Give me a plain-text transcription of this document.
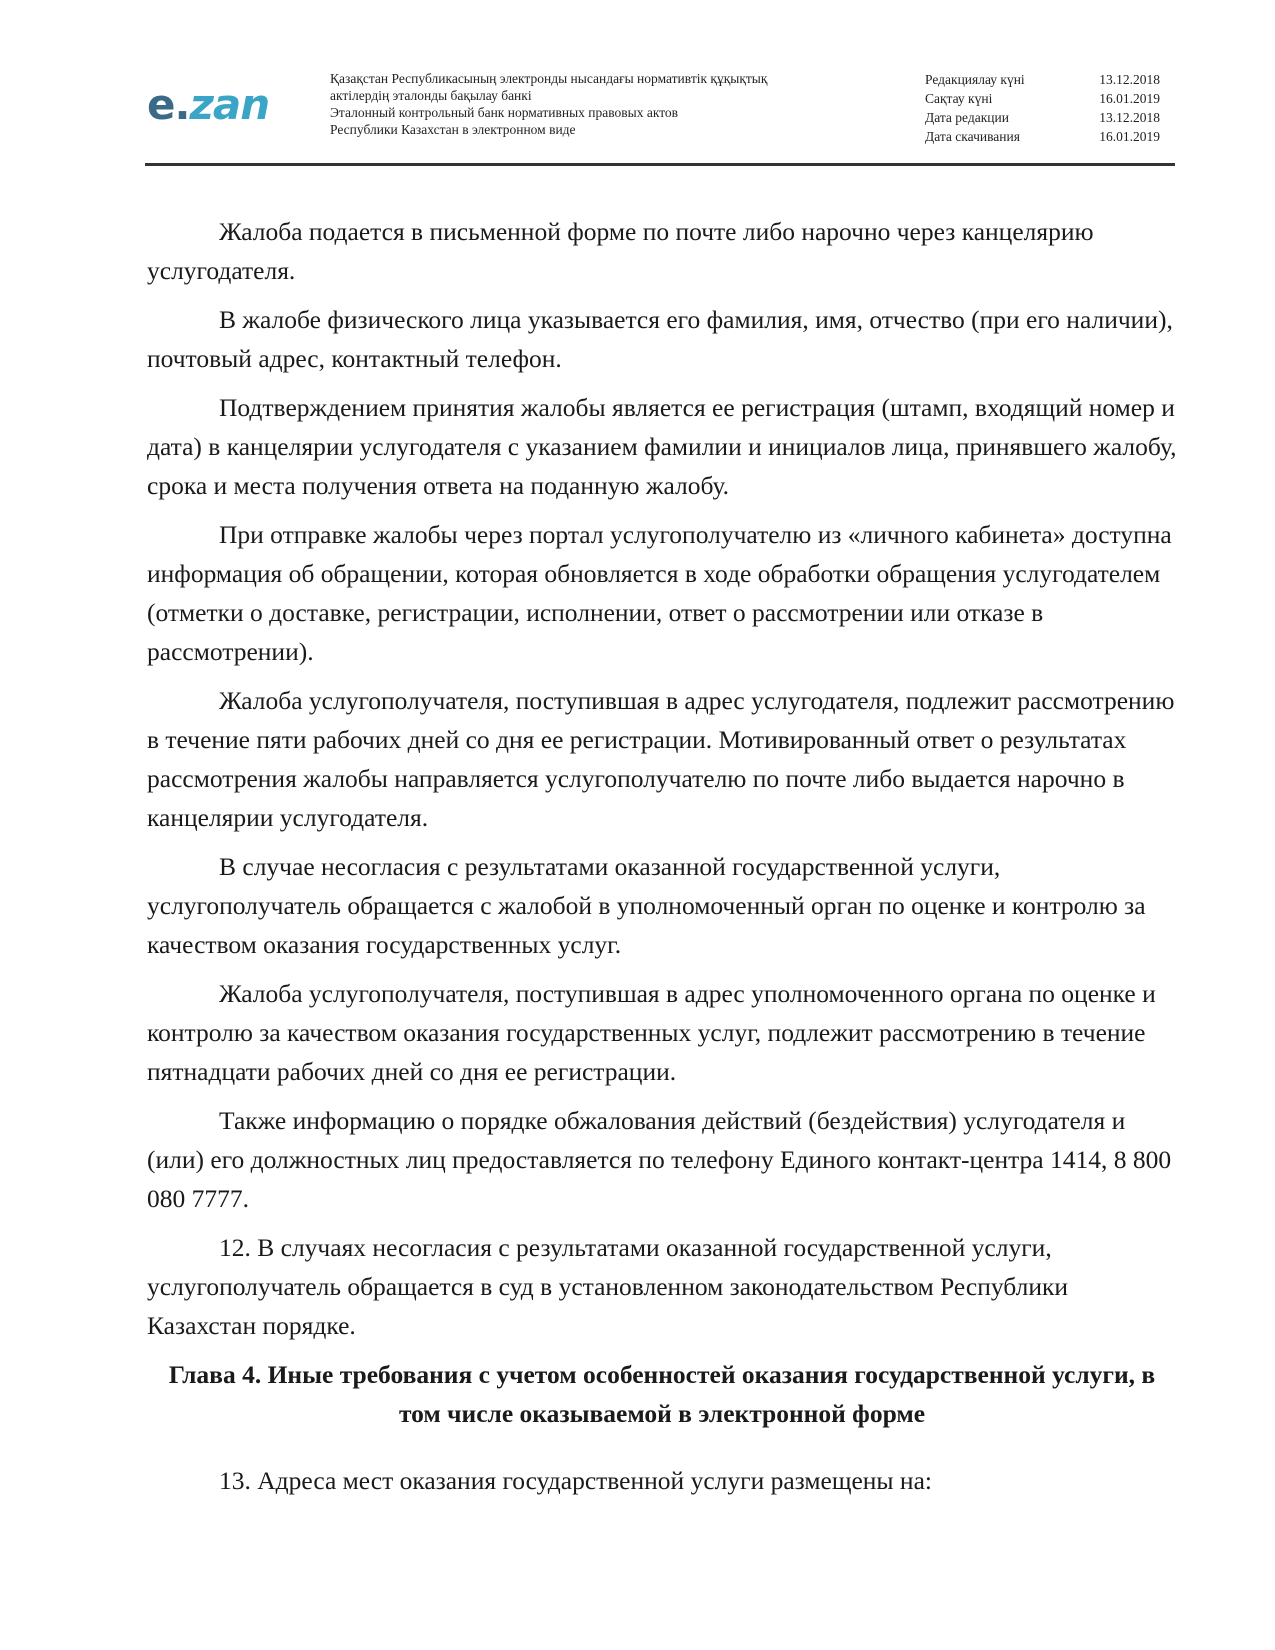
e.zan
Қазақстан Республикасының электронды нысандағы нормативтік құқықтық
актілердің эталонды бақылау банкі
Эталонный контрольный банк нормативных правовых актов
Республики Казахстан в электронном виде
Редакциялау күні	13.12.2018
Сақтау күні	16.01.2019
Дата редакции	13.12.2018
Дата скачивания	16.01.2019

Жалоба подается в письменной форме по почте либо нарочно через канцелярию услугодателя.

В жалобе физического лица указывается его фамилия, имя, отчество (при его наличии), почтовый адрес, контактный телефон.

Подтверждением принятия жалобы является ее регистрация (штамп, входящий номер и дата) в канцелярии услугодателя с указанием фамилии и инициалов лица, принявшего жалобу, срока и места получения ответа на поданную жалобу.

При отправке жалобы через портал услугополучателю из «личного кабинета» доступна информация об обращении, которая обновляется в ходе обработки обращения услугодателем (отметки о доставке, регистрации, исполнении, ответ о рассмотрении или отказе в рассмотрении).

Жалоба услугополучателя, поступившая в адрес услугодателя, подлежит рассмотрению в течение пяти рабочих дней со дня ее регистрации. Мотивированный ответ о результатах рассмотрения жалобы направляется услугополучателю по почте либо выдается нарочно в канцелярии услугодателя.

В случае несогласия с результатами оказанной государственной услуги, услугополучатель обращается с жалобой в уполномоченный орган по оценке и контролю за качеством оказания государственных услуг.

Жалоба услугополучателя, поступившая в адрес уполномоченного органа по оценке и контролю за качеством оказания государственных услуг, подлежит рассмотрению в течение пятнадцати рабочих дней со дня ее регистрации.

Также информацию о порядке обжалования действий (бездействия) услугодателя и (или) его должностных лиц предоставляется по телефону Единого контакт-центра 1414, 8 800 080 7777.

12. В случаях несогласия с результатами оказанной государственной услуги, услугополучатель обращается в суд в установленном законодательством Республики Казахстан порядке.

Глава 4. Иные требования с учетом особенностей оказания государственной услуги, в том числе оказываемой в электронной форме

13. Адреса мест оказания государственной услуги размещены на:
